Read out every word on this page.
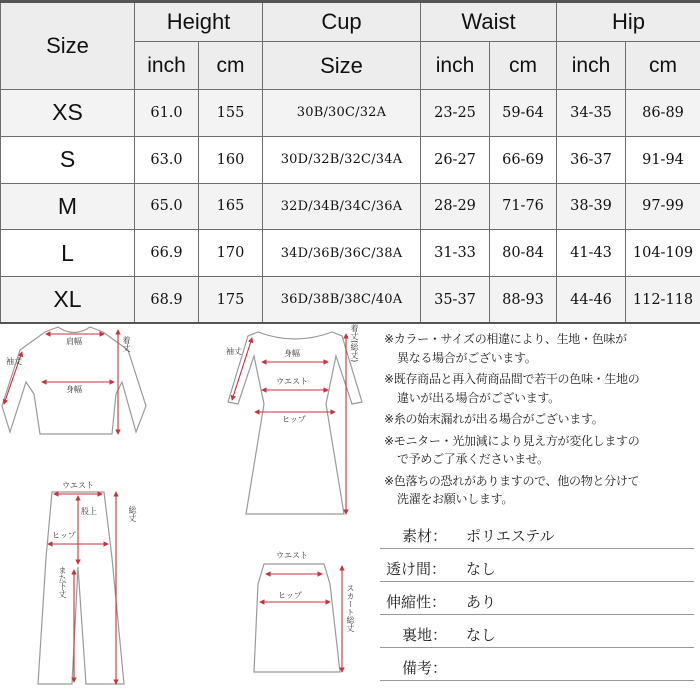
Size	Height		Cup	Waist		Hip	
	inch	cm	Size	inch	cm	inch	cm
XS	61.0	155	30B/30C/32A	23-25	59-64	34-35	86-89
S	63.0	160	30D/32B/32C/34A	26-27	66-69	36-37	91-94
M	65.0	165	32D/34B/34C/36A	28-29	71-76	38-39	97-99
L	66.9	170	34D/36B/36C/38A	31-33	80-84	41-43	104-109
XL	68.9	175	36D/38B/38C/40A	35-37	88-93	44-46	112-118
肩幅
身幅
着丈
袖丈
袖丈	身幅
ウエスト
ヒップ
着丈(総丈)
ウエスト
股上
ヒップ
総丈
また下丈
ウエスト
ヒップ	スカート総丈

※カラー・サイズの相違により、生地・色味が
異なる場合がございます。

※既存商品と再入荷商品間で若干の色味・生地の
違いが出る場合がございます。

※糸の始末漏れが出る場合がございます。

※モニター・光加減により見え方が変化しますの
で予めご了承くださいませ。

※色落ちの恐れがありますので、他の物と分けて
洗濯をお願いします。

素材： ポリエステル
透け間： なし
伸縮性： あり
裏地： なし
備考：
